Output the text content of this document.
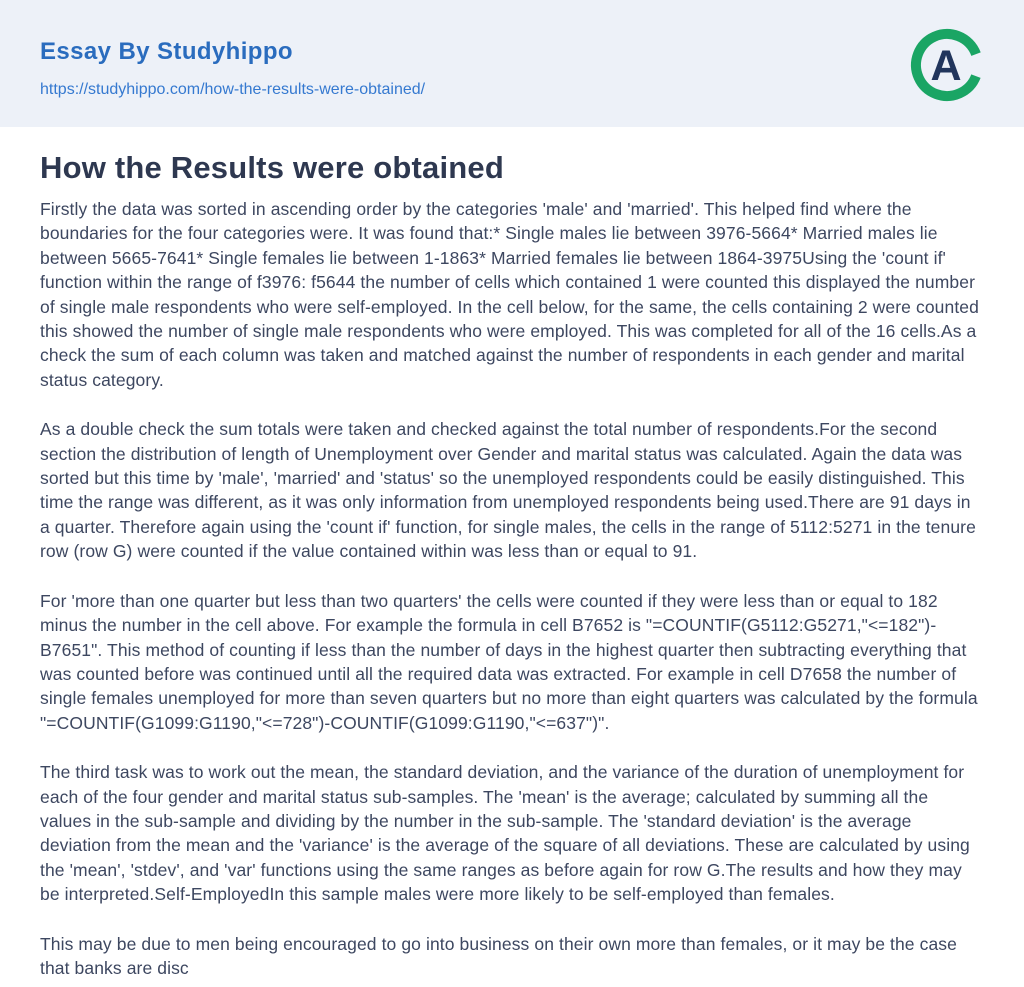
Essay By Studyhippo
https://studyhippo.com/how-the-results-were-obtained/	A
How the Results were obtained

Firstly the data was sorted in ascending order by the categories 'male' and 'married'. This helped find where the boundaries for the four categories were. It was found that:* Single males lie between 3976-5664* Married males lie between 5665-7641* Single females lie between 1-1863* Married females lie between 1864-3975Using the 'count if' function within the range of f3976: f5644 the number of cells which contained 1 were counted this displayed the number of single male respondents who were self-employed. In the cell below, for the same, the cells containing 2 were counted this showed the number of single male respondents who were employed. This was completed for all of the 16 cells.As a check the sum of each column was taken and matched against the number of respondents in each gender and marital status category.

As a double check the sum totals were taken and checked against the total number of respondents.For the second section the distribution of length of Unemployment over Gender and marital status was calculated. Again the data was sorted but this time by 'male', 'married' and 'status' so the unemployed respondents could be easily distinguished. This time the range was different, as it was only information from unemployed respondents being used.There are 91 days in a quarter. Therefore again using the 'count if' function, for single males, the cells in the range of 5112:5271 in the tenure row (row G) were counted if the value contained within was less than or equal to 91.

For 'more than one quarter but less than two quarters' the cells were counted if they were less than or equal to 182 minus the number in the cell above. For example the formula in cell B7652 is "=COUNTIF(G5112:G5271,"<=182")-B7651". This method of counting if less than the number of days in the highest quarter then subtracting everything that was counted before was continued until all the required data was extracted. For example in cell D7658 the number of single females unemployed for more than seven quarters but no more than eight quarters was calculated by the formula "=COUNTIF(G1099:G1190,"<=728")-COUNTIF(G1099:G1190,"<=637")".

The third task was to work out the mean, the standard deviation, and the variance of the duration of unemployment for each of the four gender and marital status sub-samples. The 'mean' is the average; calculated by summing all the values in the sub-sample and dividing by the number in the sub-sample. The 'standard deviation' is the average deviation from the mean and the 'variance' is the average of the square of all deviations. These are calculated by using the 'mean', 'stdev', and 'var' functions using the same ranges as before again for row G.The results and how they may be interpreted.Self-EmployedIn this sample males were more likely to be self-employed than females.

This may be due to men being encouraged to go into business on their own more than females, or it may be the case that banks are disc
